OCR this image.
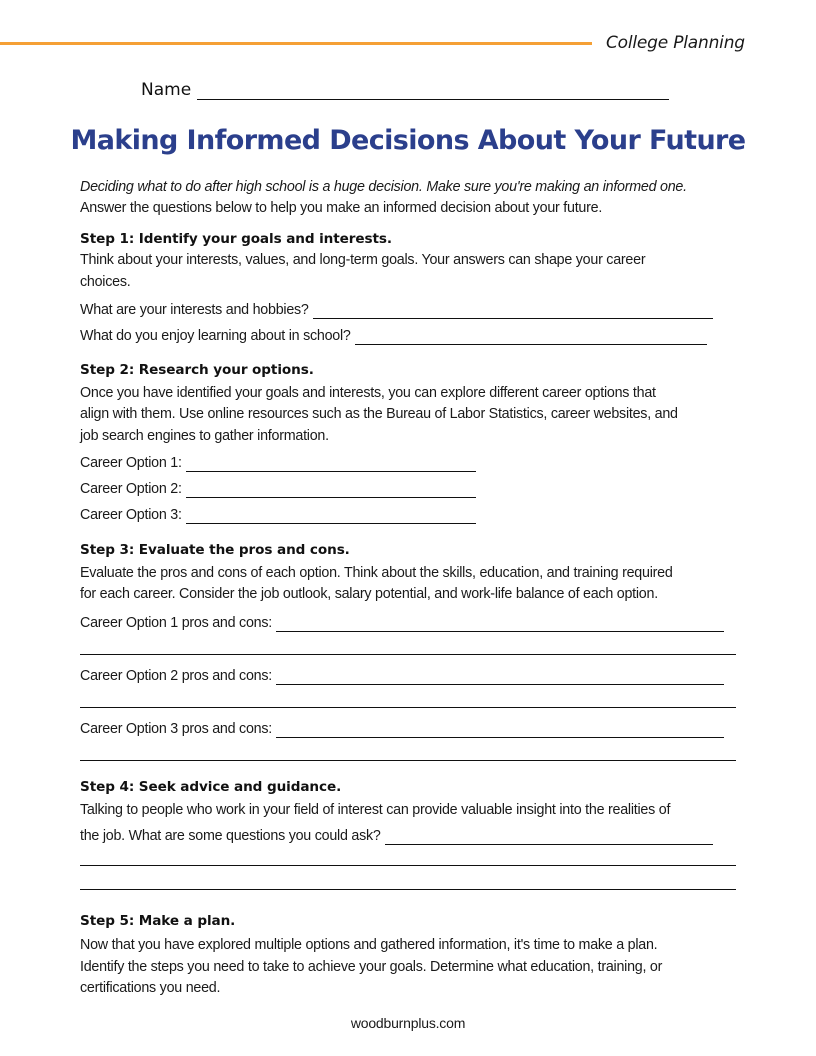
College Planning
Name
Making Informed Decisions About Your Future
Deciding what to do after high school is a huge decision. Make sure you're making an informed one.
Answer the questions below to help you make an informed decision about your future.
Step 1: Identify your goals and interests.
Think about your interests, values, and long-term goals. Your answers can shape your career
choices.
What are your interests and hobbies?
What do you enjoy learning about in school?
Step 2: Research your options.
Once you have identified your goals and interests, you can explore different career options that
align with them. Use online resources such as the Bureau of Labor Statistics, career websites, and
job search engines to gather information.
Career Option 1:
Career Option 2:
Career Option 3:
Step 3: Evaluate the pros and cons.
Evaluate the pros and cons of each option. Think about the skills, education, and training required
for each career. Consider the job outlook, salary potential, and work-life balance of each option.
Career Option 1 pros and cons:
Career Option 2 pros and cons:
Career Option 3 pros and cons:
Step 4: Seek advice and guidance.
Talking to people who work in your field of interest can provide valuable insight into the realities of
the job. What are some questions you could ask?
Step 5: Make a plan.
Now that you have explored multiple options and gathered information, it's time to make a plan.
Identify the steps you need to take to achieve your goals. Determine what education, training, or
certifications you need.
woodburnplus.com
